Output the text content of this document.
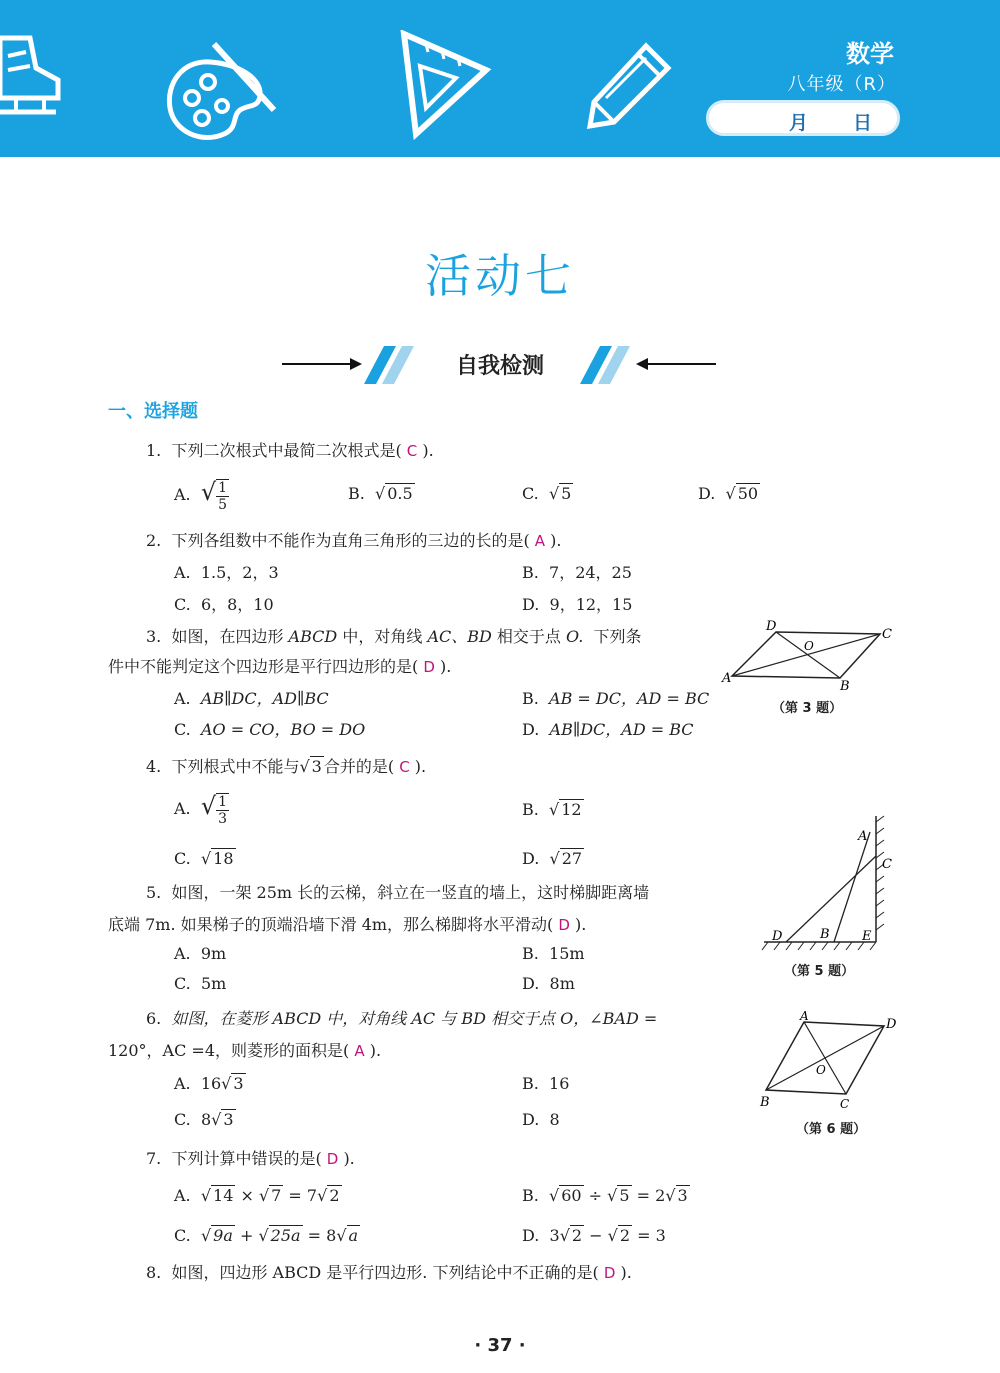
数学
八年级（R）
月 日
活动七
自我检测
一、选择题
1. 下列二次根式中最简二次根式是( C ).
A. √ $\frac{1}{5}$	B.  √ 0.5	C.  √ 5	D.  √ 50
2. 下列各组数中不能作为直角三角形的三边的长的是( A ).
A. 1.5，2，3	B. 7，24，25
C. 6，8，10	D. 9，12，15
3. 如图，在四边形 ABCD 中，对角线 AC、BD 相交于点 O. 下列条
件中不能判定这个四边形是平行四边形的是( D ).
A. AB∥DC，AD∥BC	B. AB = DC，AD = BC
C. AO = CO，BO = DO	D. AB∥DC，AD = BC
D
O
C
A
B
（第 3 题）
4. 下列根式中不能与√ 3 合并的是( C ).
A. √ $\frac{1}{3}$	B.  √ 12
C.  √ 18	D.  √ 27
5. 如图，一架 25m 长的云梯，斜立在一竖直的墙上，这时梯脚距离墙
底端 7m. 如果梯子的顶端沿墙下滑 4m，那么梯脚将水平滑动( D ).
A. 9m	B. 15m
C. 5m	D. 8m
A
C
D	B E
（第 5 题）
6. 如图，在菱形 ABCD 中，对角线 AC 与 BD 相交于点 O，∠BAD =
120°，AC =4，则菱形的面积是( A ).
A. 16√ 3	B. 16
C. 8√ 3	D. 8
A
D
O
B	C
（第 6 题）
7. 下列计算中错误的是( D ).
A.  √ 14 × √ 7 = 7√ 2	B.  √ 60 ÷ √ 5 = 2√ 3
C.  √ 9a + √ 25a = 8√ a	D. 3√ 2 − √ 2 = 3
8. 如图，四边形 ABCD 是平行四边形. 下列结论中不正确的是( D ).
· 37 ·
